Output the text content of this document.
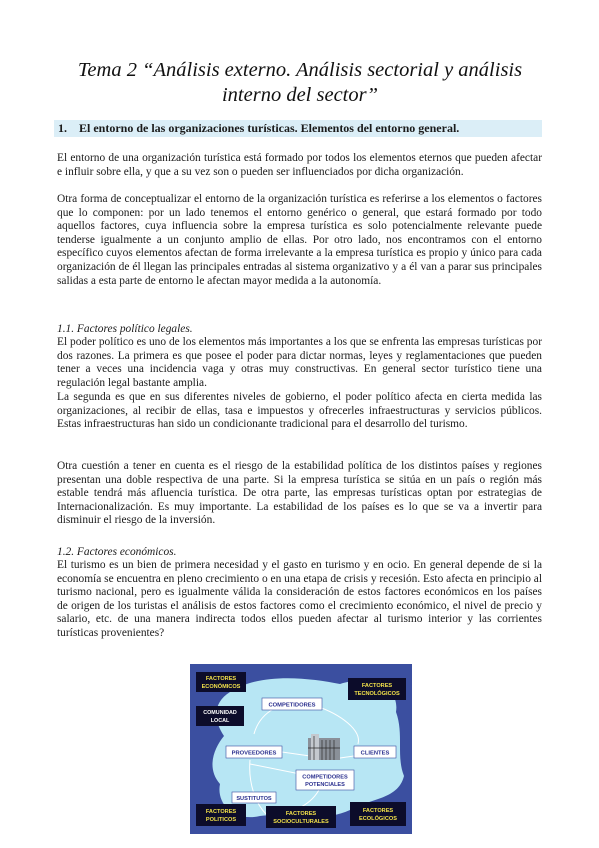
Tema 2 “Análisis externo. Análisis sectorial y análisis interno del sector”
1. El entorno de las organizaciones turísticas. Elementos del entorno general.

El entorno de una organización turística está formado por todos los elementos eternos que pueden afectar e influir sobre ella, y que a su vez son o pueden ser influenciados por dicha organización.

Otra forma de conceptualizar el entorno de la organización turística es referirse a los elementos o factores que lo componen: por un lado tenemos el entorno genérico o general, que estará formado por todo aquellos factores, cuya influencia sobre la empresa turística es solo potencialmente relevante puede tenderse igualmente a un conjunto amplio de ellas. Por otro lado, nos encontramos con el entorno específico cuyos elementos afectan de forma irrelevante a la empresa turística es propio y único para cada organización de él llegan las principales entradas al sistema organizativo y a él van a parar sus principales salidas a esta parte de entorno le afectan mayor medida a la autonomía.

1.1. Factores político legales.

El poder político es uno de los elementos más importantes a los que se enfrenta las empresas turísticas por dos razones. La primera es que posee el poder para dictar normas, leyes y reglamentaciones que pueden tener a veces una incidencia vaga y otras muy constructivas. En general sector turístico tiene una regulación legal bastante amplia.

La segunda es que en sus diferentes niveles de gobierno, el poder político afecta en cierta medida las organizaciones, al recibir de ellas, tasa e impuestos y ofrecerles infraestructuras y servicios públicos. Estas infraestructuras han sido un condicionante tradicional para el desarrollo del turismo.

Otra cuestión a tener en cuenta es el riesgo de la estabilidad política de los distintos países y regiones presentan una doble respectiva de una parte. Si la empresa turística se sitúa en un país o región más estable tendrá más afluencia turística. De otra parte, las empresas turísticas optan por estrategias de Internacionalización. Es muy importante. La estabilidad de los países es lo que se va a invertir para disminuir el riesgo de la inversión.

1.2. Factores económicos.

El turismo es un bien de primera necesidad y el gasto en turismo y en ocio. En general depende de si la economía se encuentra en pleno crecimiento o en una etapa de crisis y recesión. Esto afecta en principio al turismo nacional, pero es igualmente válida la consideración de estos factores económicos en los países de origen de los turistas el análisis de estos factores como el crecimiento económico, el nivel de precio y salario, etc. de una manera indirecta todos ellos pueden afectar al turismo interior y las corrientes turísticas provenientes?

FACTORES
ECONÓMICOS	FACTORES
TECNOLÓGICOS
COMUNIDAD
LOCAL
FACTORES
POLITICOS
FACTORES
SOCIOCULTURALES
FACTORES
ECOLÓGICOS
COMPETIDORES
PROVEEDORES	CLIENTES
COMPETIDORES
POTENCIALES
SUSTITUTOS
